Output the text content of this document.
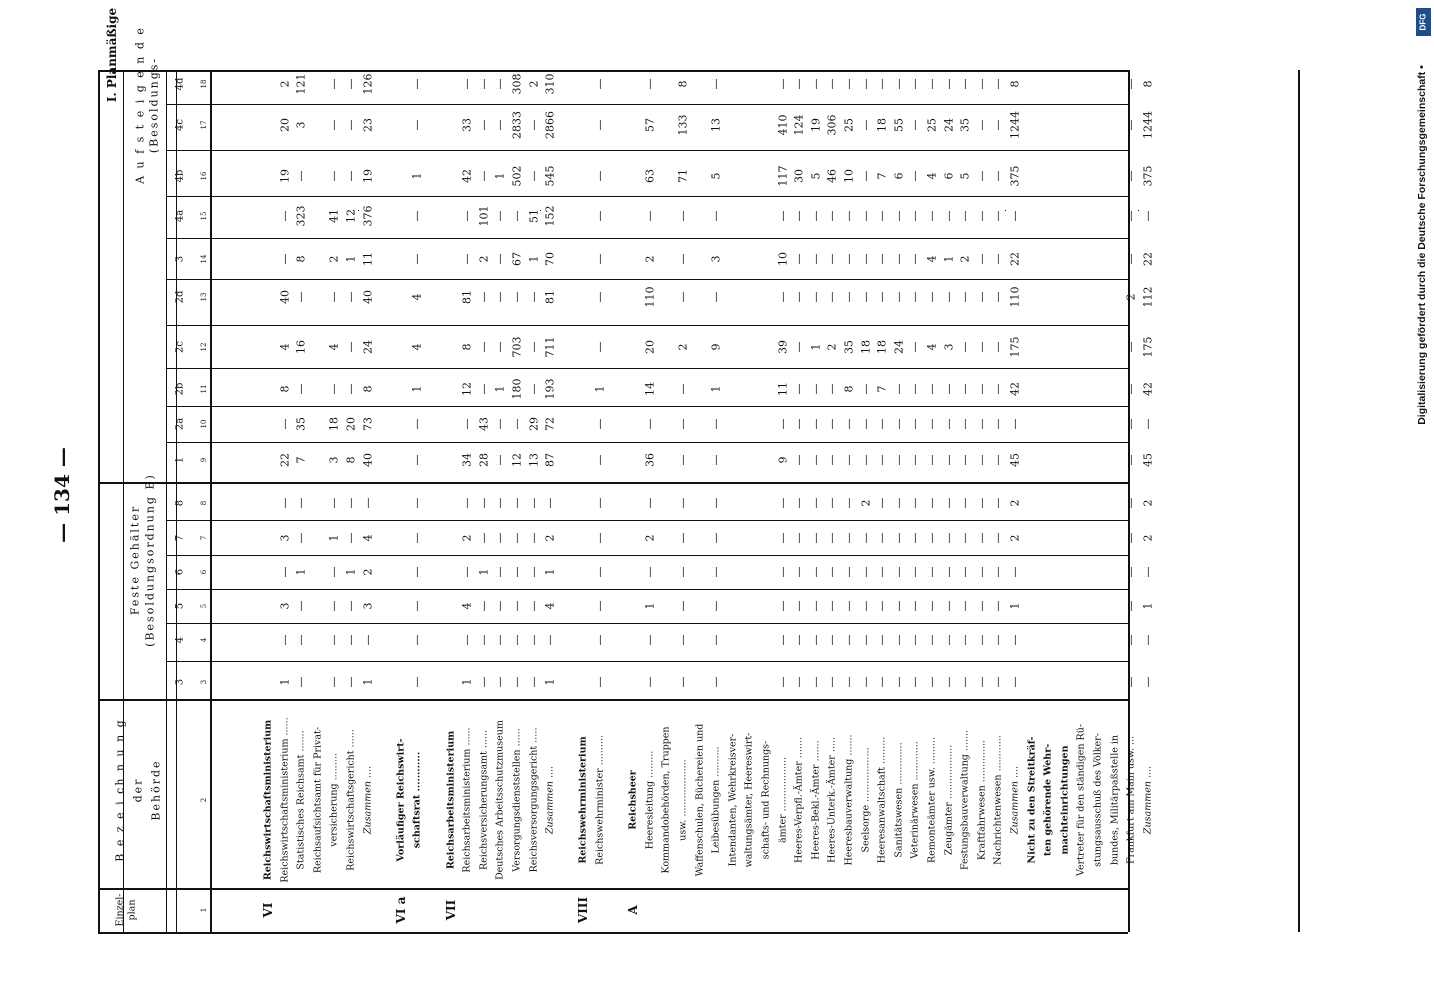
— 134 —
Digitalisierung gefördert durch die Deutsche Forschungsgemeinschaft •
DFG
I. Planmäßige
Einzel- plan
B e z e i ch n u n g der Behörde
Feste Gehälter (Besoldungsordnung B)
A u f s t e i g e n d e (Besoldungs-
3
4
5
6
7
8
1
2a
2b
2c
2d
3
4a
4b
4c
4d
1
2
3
4
5
6
7
8
9
10
11
12
13
14
15
16
17
18
VI
Reichswirtschaftsministerium Reichswirtschaftsministerium ......
1
—
3
—
3
—
22
—
8
4
40
—
—
19
20
2
Statistisches Reichsamt .......
—
—
—
1
—
—
7
35
—
16
—
8
323
—
3
121
Reichsaufsichtsamt für Privat- versicherung .........
—
—
—
—
1
—
3
18
—
4
—
2
41
—
—
—
Reichswirtschaftsgericht ......
—
—
—
1
—
—
8
20
—
—
—
1
12
—
—
—
Zusammen ....
1
—
3
2
4
—
40
73
8
24
40
11
376
19
23
126
VI a
Vorläufiger Reichswirt- schaftsrat ............
—
—
—
—
—
—
—
—
1
4
4
—
—
1
—
—
VII
Reichsarbeitsministerium Reichsarbeitsministerium ......
1
—
4
—
2
—
34
—
12
8
81
—
—
42
33
—
Reichsversicherungsamt ......
—
—
—
1
—
—
28
43
—
—
—
2
101
—
—
—
Deutsches Arbeitsschutzmuseum
—
—
—
—
—
—
—
—
1
—
—
—
—
1
—
—
Versorgungsdienststellen ......
—
—
—
—
—
—
12
—
180
703
—
67
—
502
2833
308
Reichsversorgungsgericht .....
—
—
—
—
—
—
13
29
—
—
—
1
51
—
—
2
Zusammen ....
1
—
4
1
2
—
87
72
193
711
81
70
152
545
2866
310
VIII
Reichswehrministerium Reichswehrminister ..........
—
—
—
—
—
—
—
—
1
—
—
—
—
—
—
—
A
Reichsheer Heeresleitung .........
—
—
1
—
2
—
36
—
14
20
110
2
—
63
57
—
Kommandobehörden, Truppen usw. ...................
—
—
—
—
—
—
—
—
—
2
—
—
—
71
133
8
Waffenschulen, Büchereien und Leibesübungen ..........
—
—
—
—
—
—
—
—
1
9
—
3
—
5
13
—
Intendanten, Wehrkreisver- waltungsämter, Heereswirt- schafts- und Rechnungs- ämter ..................
—
—
—
—
—
—
9
—
11
39
—
10
—
117
410
—
Heeres-Verpfl.-Ämter .......
—
—
—
—
—
—
—
—
—
—
—
—
—
30
124
—
Heeres-Bekl.-Ämter .......
—
—
—
—
—
—
—
—
—
1
—
—
—
5
19
—
Heeres-Unterk.-Ämter .....
—
—
—
—
—
—
—
—
—
2
—
—
—
46
306
—
Heeresbauverwaltung .......
—
—
—
—
—
—
—
—
8
35
—
—
—
10
25
—
Seelsorge ..................
—
—
—
—
—
2
—
—
—
18
—
—
—
—
—
—
Heeresanwaltschaft .........
—
—
—
—
—
—
—
—
7
18
—
—
—
7
18
—
Sanitätswesen ..............
—
—
—
—
—
—
—
—
—
24
—
—
—
6
55
—
Veterinärwesen .............
—
—
—
—
—
—
—
—
—
—
—
—
—
—
—
—
Remonteämter usw. .........
—
—
—
—
—
—
—
—
—
4
—
4
—
4
25
—
Zeugämter ..................
—
—
—
—
—
—
—
—
—
3
—
1
—
6
24
—
Festungsbauverwaltung .......
—
—
—
—
—
—
—
—
—
—
—
2
—
5
35
—
Kraftfahrwesen ..............
—
—
—
—
—
—
—
—
—
—
—
—
—
—
—
—
Nachrichtenwesen ............
—
—
—
—
—
—
—
—
—
—
—
—
—
—
—
—
Zusammen ....
—
—
1
—
2
2
45
—
42
175
110
22
—
375
1244
8
Nicht zu den Streitkräf- ten gehörende Wehr- machteinrichtungen Vertreter für den ständigen Rü- stungsausschuß des Völker- bundes, Militärpaßstelle in Frankfurt am Main usw. ...
—
—
—
—
—
—
—
—
—
—
2
—
—
—
—
—
Zusammen ....
—
—
1
—
2
2
45
—
42
175
112
22
—
375
1244
8
